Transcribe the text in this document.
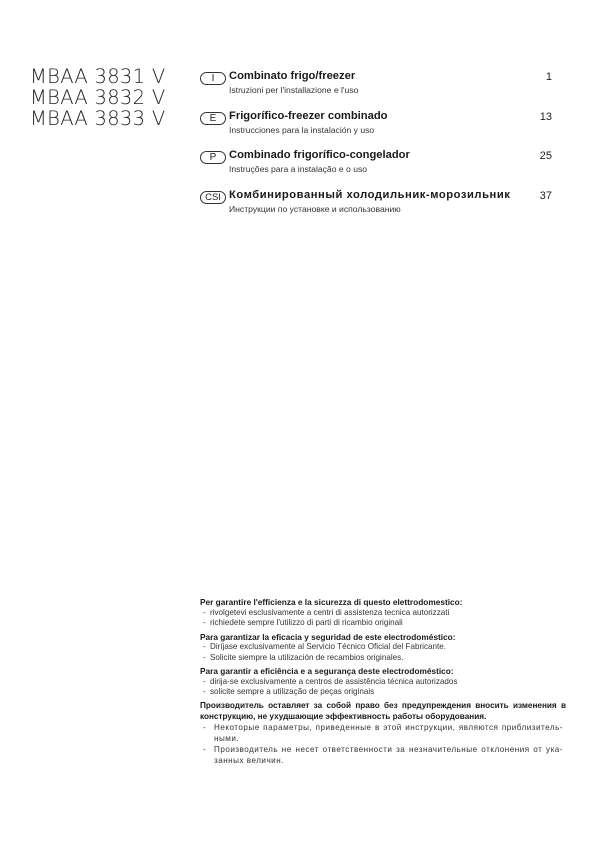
MBAA 3831 V
MBAA 3832 V
MBAA 3833 V
I	Combinato frigo/freezer
Istruzioni per l'installazione e l'uso
1
E	Frigorífico-freezer combinado
Instrucciones para la instalación y uso
13
P	Combinado frigorífico-congelador
Instruções para a instalação e o uso
25
CSI Комбинированный холодильник-морозильник
Инструкции по установке и использованию
37
Per garantire l'efficienza e la sicurezza di questo elettrodomestico:
- rivolgetevi esclusivamente a centri di assistenza tecnica autorizzati
- richiedete sempre l'utilizzo di parti di ricambio originali
Para garantizar la eficacia y seguridad de este electrodoméstico:
- Diríjase exclusivamente al Servicio Técnico Oficial del Fabricante.
- Solicite siempre la utilización de recambios originales.
Para garantir a eficiência e a segurança deste electrodoméstico:
- dirija-se exclusivamente a centros de assistência técnica autorizados
- solicite sempre a utilização de peças originais
Производитель оставляет за собой право без предупреждения вносить изменения в конструкцию, не ухудшающие эффективность работы оборудования.
-	Некоторые параметры, приведенные в этой инструкции, являются приблизитель-ными.
-	Производитель не несет ответственности за незначительные отклонения от ука-занных величин.
